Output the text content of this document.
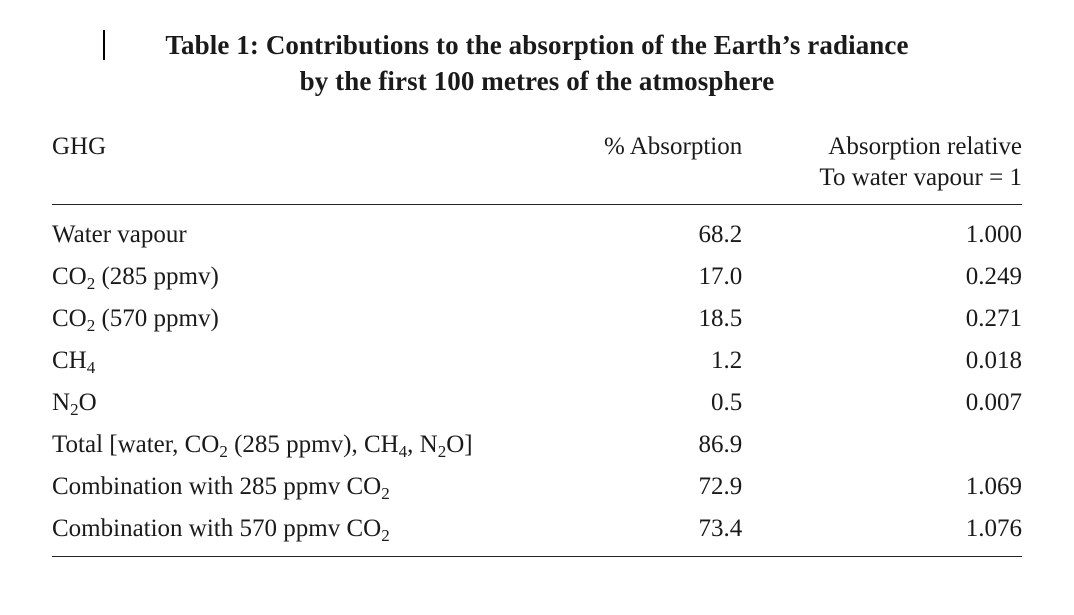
Table 1: Contributions to the absorption of the Earth’s radiance
by the first 100 metres of the atmosphere
GHG	% Absorption	Absorption relative
		To water vapour = 1

Water vapour	68.2	1.000
$CO_2$ (285 ppmv)	17.0	0.249
$CO_2$ (570 ppmv)	18.5	0.271
$CH_4$	1.2	0.018
$N_2O$	0.5	0.007
Total [water, $CO_2$ (285 ppmv), $CH_4$, $N_2O$]	86.9	
Combination with 285 ppmv $CO_2$	72.9	1.069
Combination with 570 ppmv $CO_2$	73.4	1.076
